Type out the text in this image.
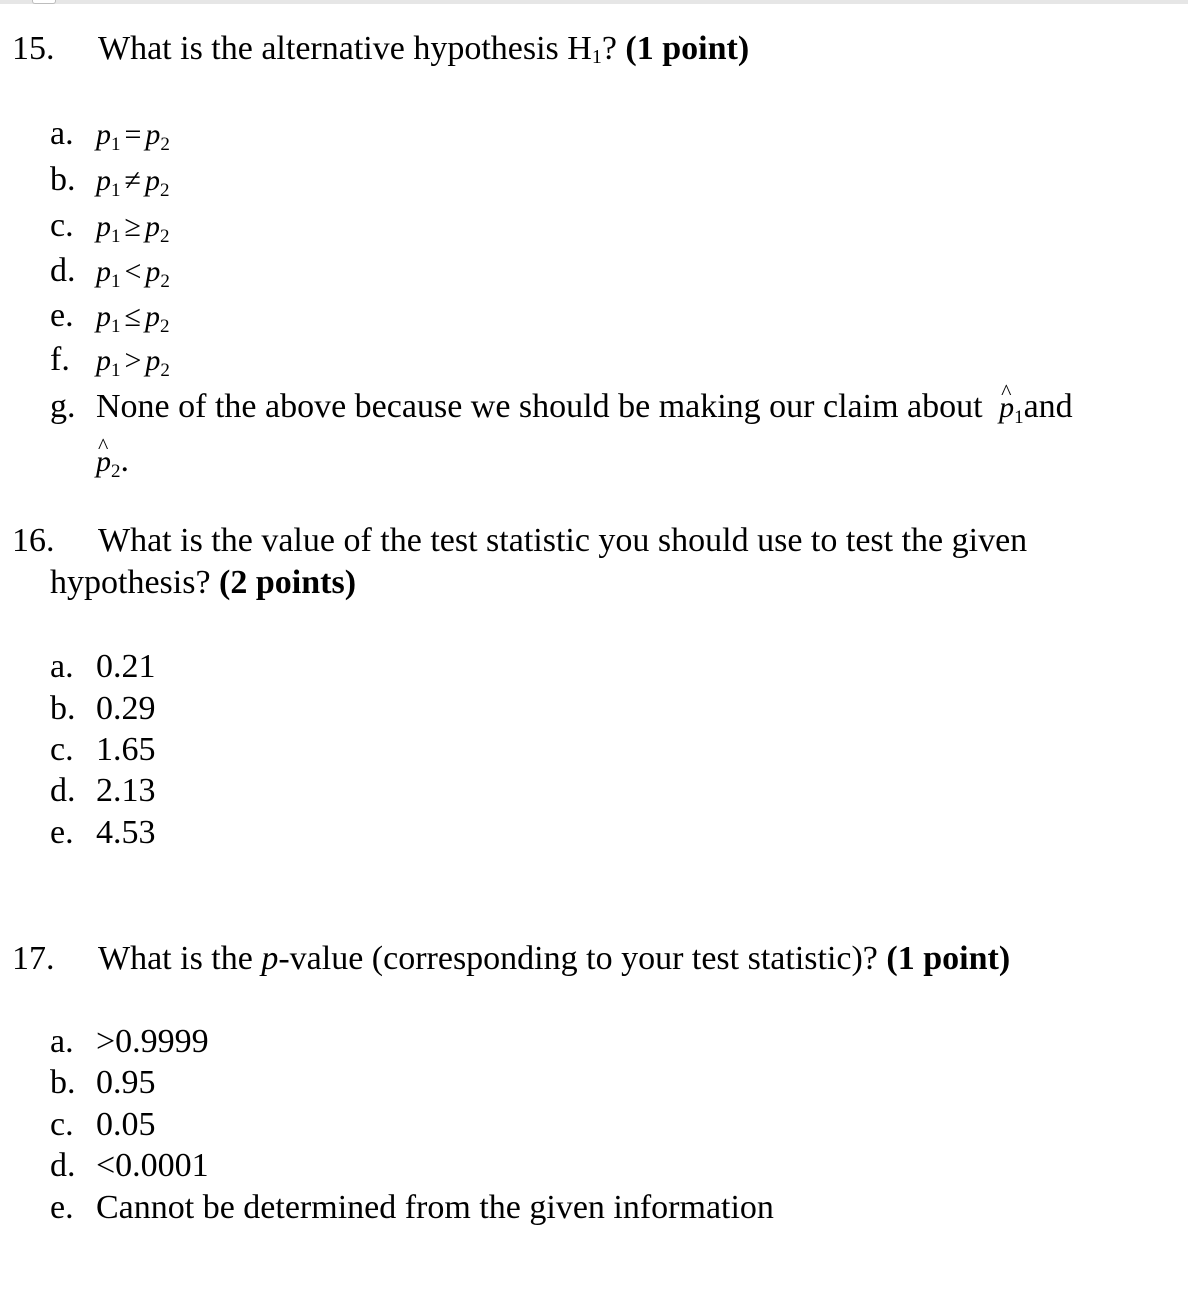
15. What is the alternative hypothesis $H_1$? (1 point)
a. $p_1 = p_2$
b. $p_1 \ne p_2$
c. $p_1 \ge p_2$
d. $p_1 < p_2$
e. $p_1 \le p_2$
f. $p_1 > p_2$
g. None of the above because we should be making our claim about ^ $p_1and$
^ $p_2$.
16. What is the value of the test statistic you should use to test the given
hypothesis? (2 points)
a. 0.21
b. 0.29
c. 1.65
d. 2.13
e. 4.53
17. What is the p-value (corresponding to your test statistic)? (1 point)
a. >0.9999
b. 0.95
c. 0.05
d. <0.0001
e. Cannot be determined from the given information
